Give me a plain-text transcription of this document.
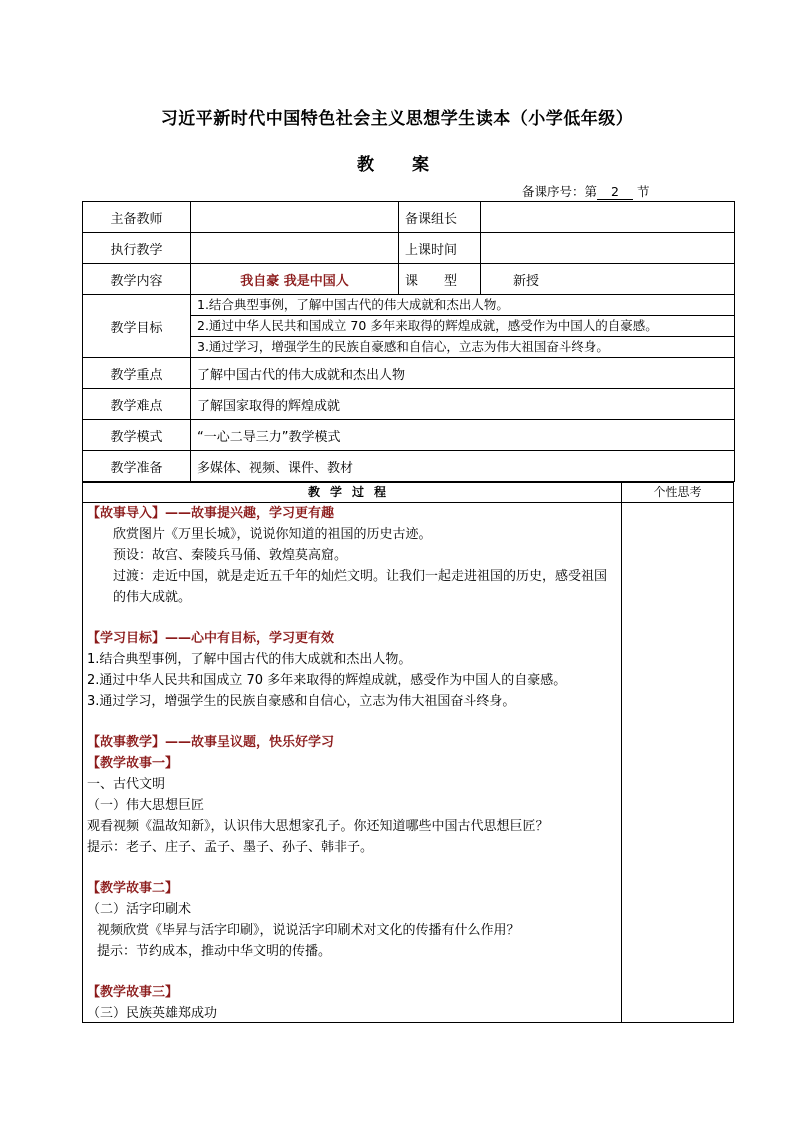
习近平新时代中国特色社会主义思想学生读本（小学低年级）
教案
备课序号：第 2 节
主备教师		备课组长	
执行教学		上课时间	
教学内容	我自豪 我是中国人	课　　型	新授
教学目标	1.结合典型事例，了解中国古代的伟大成就和杰出人物。
2.通过中华人民共和国成立 70 多年来取得的辉煌成就，感受作为中国人的自豪感。
3.通过学习，增强学生的民族自豪感和自信心，立志为伟大祖国奋斗终身。		

教学重点	了解中国古代的伟大成就和杰出人物		
教学难点	了解国家取得的辉煌成就		
教学模式	“一心二导三力”教学模式		
教学准备	多媒体、视频、课件、教材		
教学过程	个性思考

【故事导入】——故事提兴趣，学习更有趣

欣赏图片《万里长城》，说说你知道的祖国的历史古迹。

预设：故宫、秦陵兵马俑、敦煌莫高窟。

过渡：走近中国，就是走近五千年的灿烂文明。让我们一起走进祖国的历史，感受祖国的伟大成就。

【学习目标】——心中有目标，学习更有效

1.结合典型事例，了解中国古代的伟大成就和杰出人物。

2.通过中华人民共和国成立 70 多年来取得的辉煌成就，感受作为中国人的自豪感。

3.通过学习，增强学生的民族自豪感和自信心，立志为伟大祖国奋斗终身。

【故事教学】——故事呈议题，快乐好学习

【教学故事一】

一、古代文明

（一）伟大思想巨匠

观看视频《温故知新》，认识伟大思想家孔子。你还知道哪些中国古代思想巨匠？

提示：老子、庄子、孟子、墨子、孙子、韩非子。

【教学故事二】

（二）活字印刷术

视频欣赏《毕昇与活字印刷》，说说活字印刷术对文化的传播有什么作用？

提示：节约成本，推动中华文明的传播。

【教学故事三】

（三）民族英雄郑成功
